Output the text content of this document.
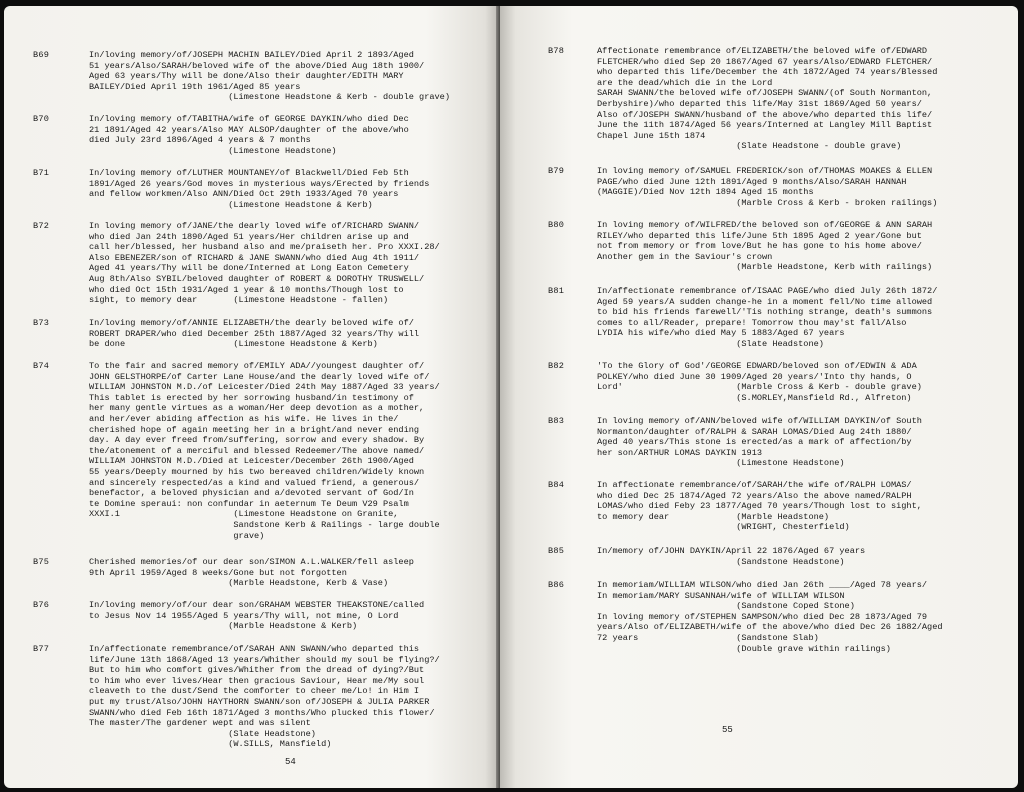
B69	In/loving memory/of/JOSEPH MACHIN BAILEY/Died April 2 1893/Aged
51 years/Also/SARAH/beloved wife of the above/Died Aug 18th 1900/
Aged 63 years/Thy will be done/Also their daughter/EDITH MARY
BAILEY/Died April 19th 1961/Aged 85 years
(Limestone Headstone & Kerb - double grave)
B70	In/loving memory of/TABITHA/wife of GEORGE DAYKIN/who died Dec
21 1891/Aged 42 years/Also MAY ALSOP/daughter of the above/who
died July 23rd 1896/Aged 4 years & 7 months
(Limestone Headstone)
B71	In/loving memory of/LUTHER MOUNTANEY/of Blackwell/Died Feb 5th
1891/Aged 26 years/God moves in mysterious ways/Erected by friends
and fellow workmen/Also ANN/Died Oct 29th 1933/Aged 70 years
(Limestone Headstone & Kerb)
B72	In loving memory of/JANE/the dearly loved wife of/RICHARD SWANN/
who died Jan 24th 1890/Aged 51 years/Her children arise up and
call her/blessed, her husband also and me/praiseth her. Pro XXXI.28/
Also EBENEZER/son of RICHARD & JANE SWANN/who died Aug 4th 1911/
Aged 41 years/Thy will be done/Interned at Long Eaton Cemetery
Aug 8th/Also SYBIL/beloved daughter of ROBERT & DOROTHY TRUSWELL/
who died Oct 15th 1931/Aged 1 year & 10 months/Though lost to
sight, to memory dear       (Limestone Headstone - fallen)
B73	In/loving memory/of/ANNIE ELIZABETH/the dearly beloved wife of/
ROBERT DRAPER/who died December 25th 1887/Aged 32 years/Thy will
be done                     (Limestone Headstone & Kerb)
B74	To the fair and sacred memory of/EMILY ADA//youngest daughter of/
JOHN GELSTHORPE/of Carter Lane House/and the dearly loved wife of/
WILLIAM JOHNSTON M.D./of Leicester/Died 24th May 1887/Aged 33 years/
This tablet is erected by her sorrowing husband/in testimony of
her many gentle virtues as a woman/Her deep devotion as a mother,
and her/ever abiding affection as his wife. He lives in the/
cherished hope of again meeting her in a bright/and never ending
day. A day ever freed from/suffering, sorrow and every shadow. By
the/atonement of a merciful and blessed Redeemer/The above named/
WILLIAM JOHNSTON M.D./Died at Leicester/December 26th 1900/Aged
55 years/Deeply mourned by his two bereaved children/Widely known
and sincerely respected/as a kind and valued friend, a generous/
benefactor, a beloved physician and a/devoted servant of God/In
te Domine speraui: non confundar in aeternum Te Deum V29 Psalm
XXXI.1                      (Limestone Headstone on Granite,
Sandstone Kerb & Railings - large double
grave)
B75	Cherished memories/of our dear son/SIMON A.L.WALKER/fell asleep
9th April 1959/Aged 8 weeks/Gone but not forgotten
(Marble Headstone, Kerb & Vase)
B76	In/loving memory/of/our dear son/GRAHAM WEBSTER THEAKSTONE/called
to Jesus Nov 14 1955/Aged 5 years/Thy will, not mine, O Lord
(Marble Headstone & Kerb)
B77	In/affectionate remembrance/of/SARAH ANN SWANN/who departed this
life/June 13th 1868/Aged 13 years/Whither should my soul be flying?/
But to him who comfort gives/Whither from the dread of dying?/But
to him who ever lives/Hear then gracious Saviour, Hear me/My soul
cleaveth to the dust/Send the comforter to cheer me/Lo! in Him I
put my trust/Also/JOHN HAYTHORN SWANN/son of/JOSEPH & JULIA PARKER
SWANN/who died Feb 16th 1871/Aged 3 months/Who plucked this flower/
The master/The gardener wept and was silent
(Slate Headstone)
(W.SILLS, Mansfield)
54
B78	Affectionate remembrance of/ELIZABETH/the beloved wife of/EDWARD
FLETCHER/who died Sep 20 1867/Aged 67 years/Also/EDWARD FLETCHER/
who departed this life/December the 4th 1872/Aged 74 years/Blessed
are the dead/which die in the Lord
SARAH SWANN/the beloved wife of/JOSEPH SWANN/(of South Normanton,
Derbyshire)/who departed this life/May 31st 1869/Aged 50 years/
Also of/JOSEPH SWANN/husband of the above/who departed this life/
June the 11th 1874/Aged 56 years/Interned at Langley Mill Baptist
Chapel June 15th 1874
(Slate Headstone - double grave)
B79	In loving memory of/SAMUEL FREDERICK/son of/THOMAS MOAKES & ELLEN
PAGE/who died June 12th 1891/Aged 9 months/Also/SARAH HANNAH
(MAGGIE)/Died Nov 12th 1894 Aged 15 months
(Marble Cross & Kerb - broken railings)
B80	In loving memory of/WILFRED/the beloved son of/GEORGE & ANN SARAH
RILEY/who departed this life/June 5th 1895 Aged 2 year/Gone but
not from memory or from love/But he has gone to his home above/
Another gem in the Saviour's crown
(Marble Headstone, Kerb with railings)
B81	In/affectionate remembrance of/ISAAC PAGE/who died July 26th 1872/
Aged 59 years/A sudden change-he in a moment fell/No time allowed
to bid his friends farewell/'Tis nothing strange, death's summons
comes to all/Reader, prepare! Tomorrow thou may'st fall/Also
LYDIA his wife/who died May 5 1883/Aged 67 years
(Slate Headstone)
B82	'To the Glory of God'/GEORGE EDWARD/beloved son of/EDWIN & ADA
POLKEY/who died June 30 1909/Aged 20 years/'Into thy hands, O
Lord'                      (Marble Cross & Kerb - double grave)
(S.MORLEY,Mansfield Rd., Alfreton)
B83	In loving memory of/ANN/beloved wife of/WILLIAM DAYKIN/of South
Normanton/daughter of/RALPH & SARAH LOMAS/Died Aug 24th 1880/
Aged 40 years/This stone is erected/as a mark of affection/by
her son/ARTHUR LOMAS DAYKIN 1913
(Limestone Headstone)
B84	In affectionate remembrance/of/SARAH/the wife of/RALPH LOMAS/
who died Dec 25 1874/Aged 72 years/Also the above named/RALPH
LOMAS/who died Feby 23 1877/Aged 70 years/Though lost to sight,
to memory dear             (Marble Headstone)
(WRIGHT, Chesterfield)
B85	In/memory of/JOHN DAYKIN/April 22 1876/Aged 67 years
(Sandstone Headstone)
B86	In memoriam/WILLIAM WILSON/who died Jan 26th ____/Aged 78 years/
In memoriam/MARY SUSANNAH/wife of WILLIAM WILSON
(Sandstone Coped Stone)
In loving memory of/STEPHEN SAMPSON/who died Dec 28 1873/Aged 79
years/Also of/ELIZABETH/wife of the above/who died Dec 26 1882/Aged
72 years                   (Sandstone Slab)
(Double grave within railings)
55
